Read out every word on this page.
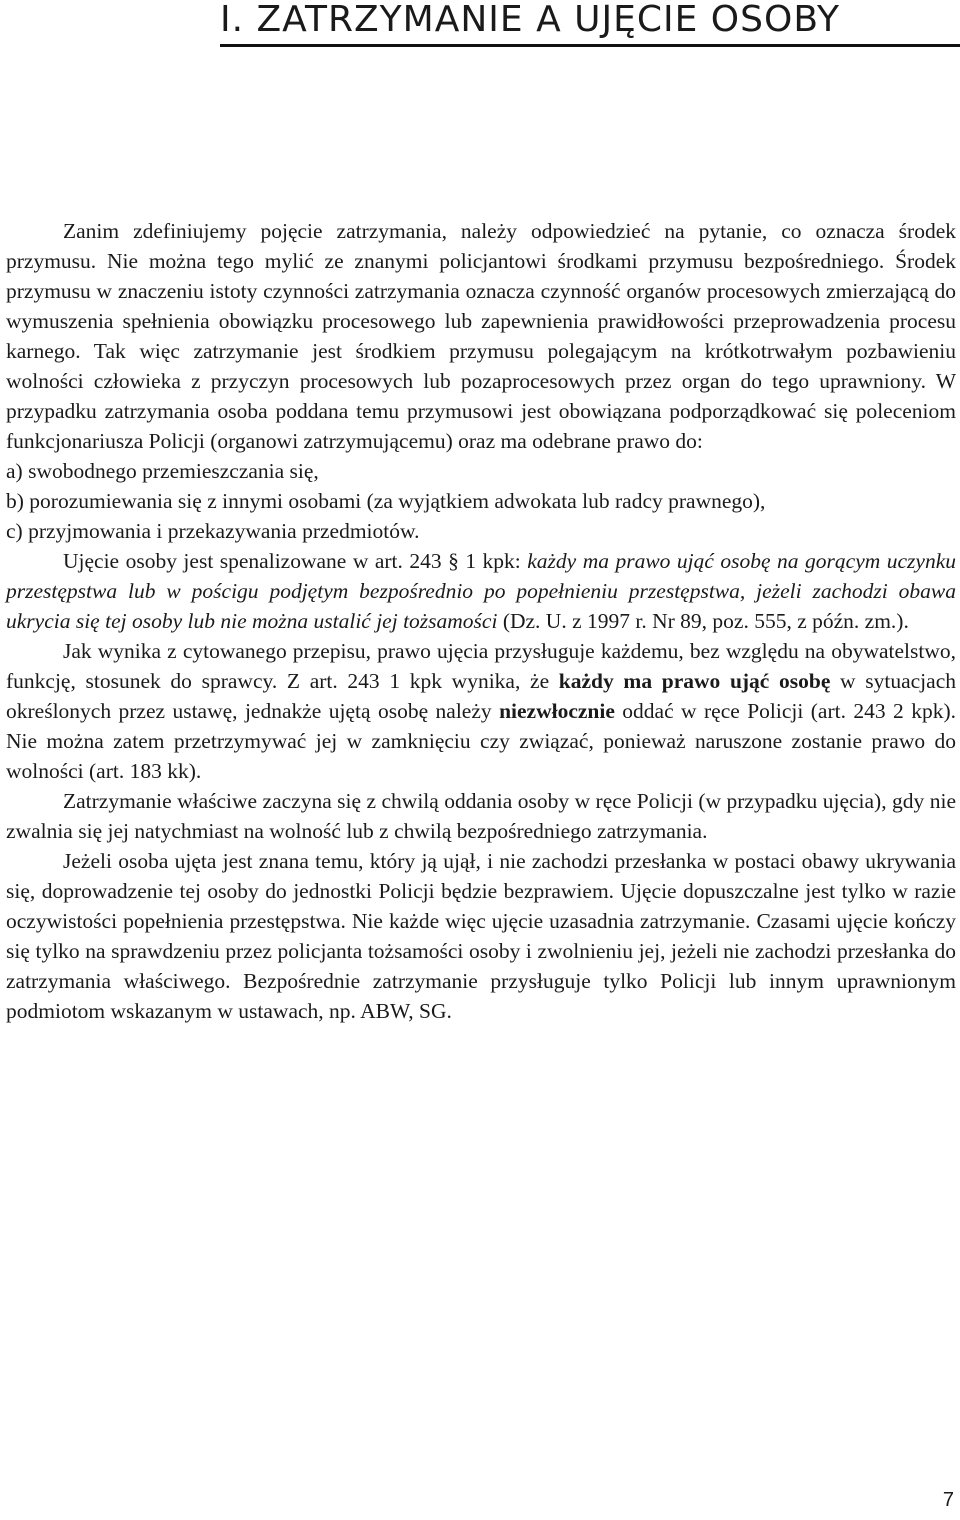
I. ZATRZYMANIE A UJĘCIE OSOBY

Zanim zdefiniujemy pojęcie zatrzymania, należy odpowiedzieć na pytanie, co oznacza środek przymusu. Nie można tego mylić ze znanymi policjantowi środkami przymusu bezpośredniego. Środek przymusu w znaczeniu istoty czynności zatrzymania oznacza czynność organów procesowych zmierzającą do wymuszenia spełnienia obowiązku procesowego lub zapewnienia prawidłowości przeprowadzenia procesu karnego. Tak więc zatrzymanie jest środkiem przymusu polegającym na krótkotrwałym pozbawieniu wolności człowieka z przyczyn procesowych lub pozaprocesowych przez organ do tego uprawniony. W przypadku zatrzymania osoba poddana temu przymusowi jest obowiązana podporządkować się poleceniom funkcjonariusza Policji (organowi zatrzymującemu) oraz ma odebrane prawo do:

a) swobodnego przemieszczania się,

b) porozumiewania się z innymi osobami (za wyjątkiem adwokata lub radcy prawnego),

c) przyjmowania i przekazywania przedmiotów.

Ujęcie osoby jest spenalizowane w art. 243 § 1 kpk: każdy ma prawo ująć osobę na gorącym uczynku przestępstwa lub w pościgu podjętym bezpośrednio po popełnieniu przestępstwa, jeżeli zachodzi obawa ukrycia się tej osoby lub nie można ustalić jej tożsamości (Dz. U. z 1997 r. Nr 89, poz. 555, z późn. zm.).

Jak wynika z cytowanego przepisu, prawo ujęcia przysługuje każdemu, bez względu na obywatelstwo, funkcję, stosunek do sprawcy. Z art. 243 1 kpk wynika, że każdy ma prawo ująć osobę w sytuacjach określonych przez ustawę, jednakże ujętą osobę należy niezwłocznie oddać w ręce Policji (art. 243 2 kpk). Nie można zatem przetrzymywać jej w zamknięciu czy związać, ponieważ naruszone zostanie prawo do wolności (art. 183 kk).

Zatrzymanie właściwe zaczyna się z chwilą oddania osoby w ręce Policji (w przypadku ujęcia), gdy nie zwalnia się jej natychmiast na wolność lub z chwilą bezpośredniego zatrzymania.

Jeżeli osoba ujęta jest znana temu, który ją ujął, i nie zachodzi przesłanka w postaci obawy ukrywania się, doprowadzenie tej osoby do jednostki Policji będzie bezprawiem. Ujęcie dopuszczalne jest tylko w razie oczywistości popełnienia przestępstwa. Nie każde więc ujęcie uzasadnia zatrzymanie. Czasami ujęcie kończy się tylko na sprawdzeniu przez policjanta tożsamości osoby i zwolnieniu jej, jeżeli nie zachodzi przesłanka do zatrzymania właściwego. Bezpośrednie zatrzymanie przysługuje tylko Policji lub innym uprawnionym podmiotom wskazanym w ustawach, np. ABW, SG.

7
